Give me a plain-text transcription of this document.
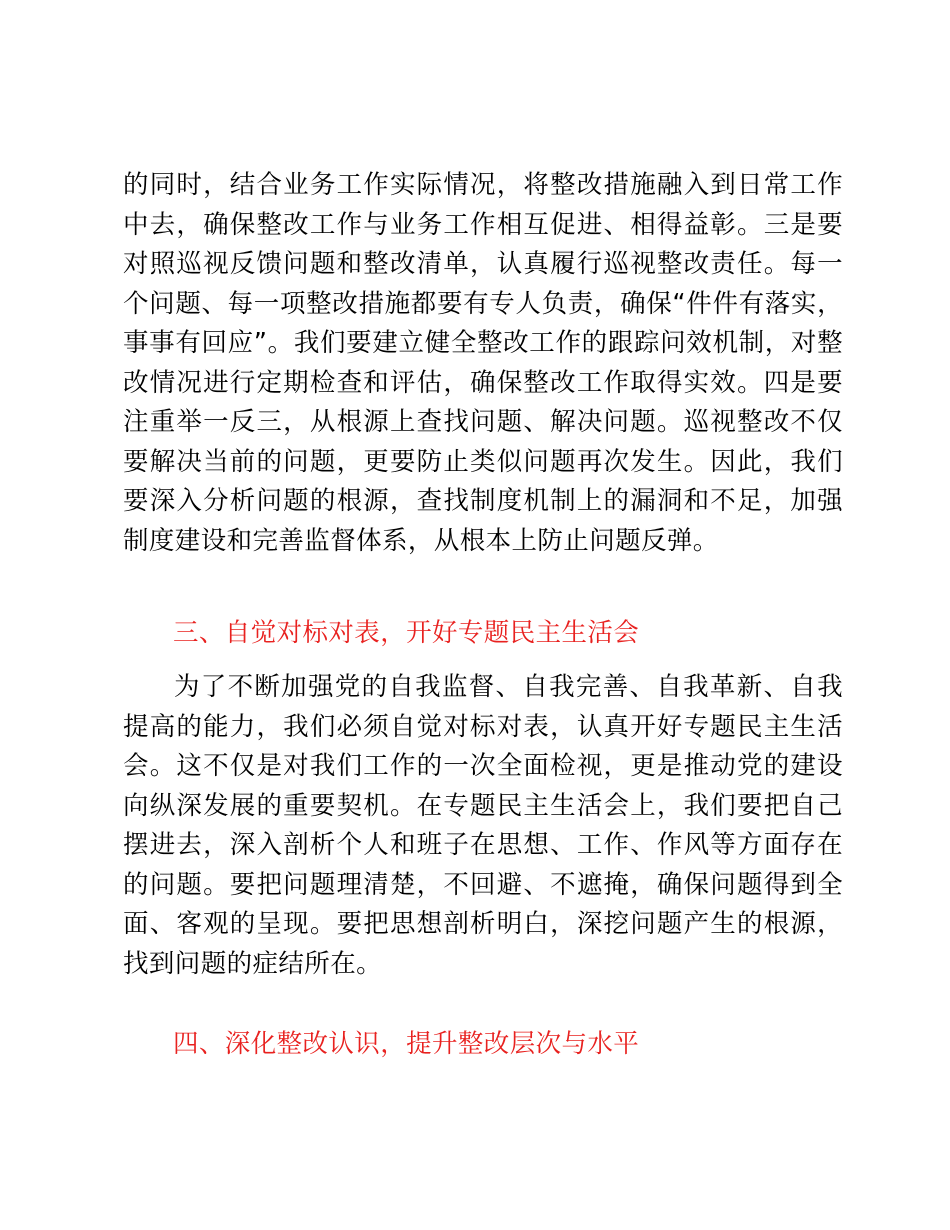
的同时，结合业务工作实际情况，将整改措施融入到日常工作中去，确保整改工作与业务工作相互促进、相得益彰。三是要对照巡视反馈问题和整改清单，认真履行巡视整改责任。每一个问题、每一项整改措施都要有专人负责，确保“件件有落实，事事有回应”。我们要建立健全整改工作的跟踪问效机制，对整改情况进行定期检查和评估，确保整改工作取得实效。四是要注重举一反三，从根源上查找问题、解决问题。巡视整改不仅要解决当前的问题，更要防止类似问题再次发生。因此，我们要深入分析问题的根源，查找制度机制上的漏洞和不足，加强制度建设和完善监督体系，从根本上防止问题反弹。

三、自觉对标对表，开好专题民主生活会

为了不断加强党的自我监督、自我完善、自我革新、自我提高的能力，我们必须自觉对标对表，认真开好专题民主生活会。这不仅是对我们工作的一次全面检视，更是推动党的建设向纵深发展的重要契机。在专题民主生活会上，我们要把自己摆进去，深入剖析个人和班子在思想、工作、作风等方面存在的问题。要把问题理清楚，不回避、不遮掩，确保问题得到全面、客观的呈现。要把思想剖析明白，深挖问题产生的根源，找到问题的症结所在。

四、深化整改认识，提升整改层次与水平
